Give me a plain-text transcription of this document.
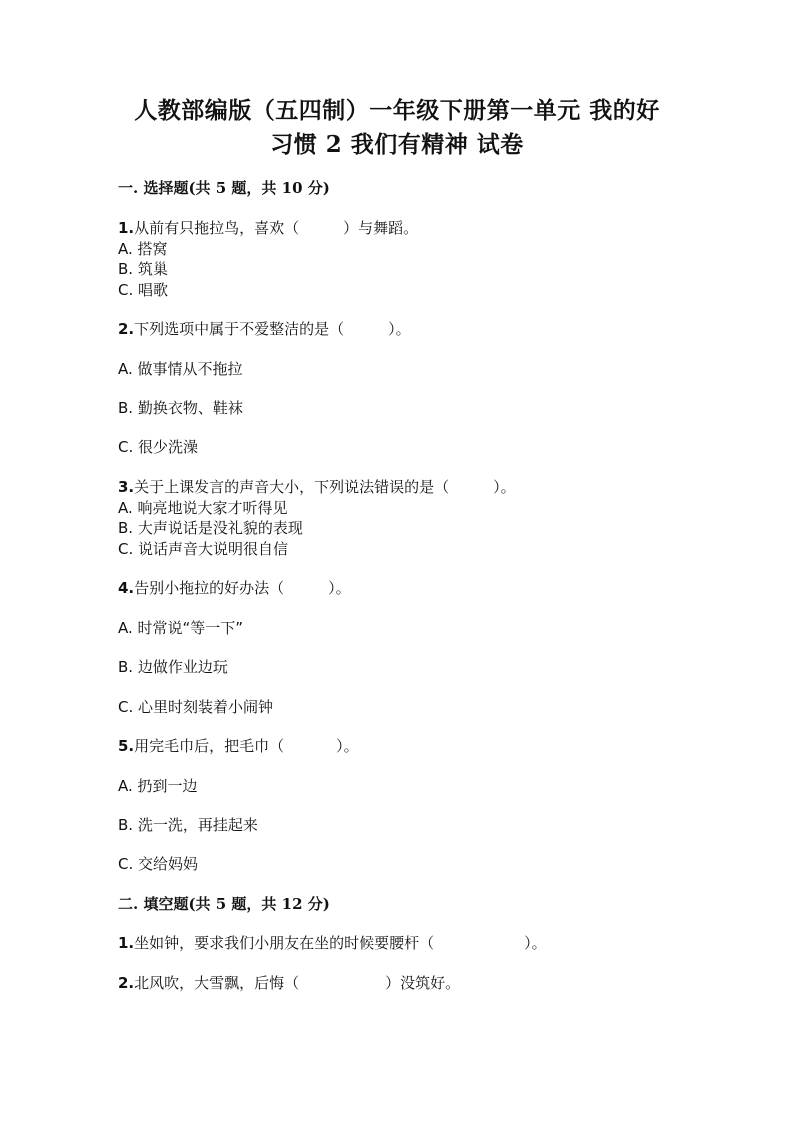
人教部编版（五四制）一年级下册第一单元 我的好
习惯 2 我们有精神 试卷
一. 选择题(共 5 题，共 10 分)
1.从前有只拖拉鸟，喜欢（	）与舞蹈。
A. 搭窝
B. 筑巢
C. 唱歌
2.下列选项中属于不爱整洁的是（	）。
A. 做事情从不拖拉
B. 勤换衣物、鞋袜
C. 很少洗澡
3.关于上课发言的声音大小，下列说法错误的是（	）。
A. 响亮地说大家才听得见
B. 大声说话是没礼貌的表现
C. 说话声音大说明很自信
4.告别小拖拉的好办法（	）。
A. 时常说“等一下”
B. 边做作业边玩
C. 心里时刻装着小闹钟
5.用完毛巾后，把毛巾（	）。
A. 扔到一边
B. 洗一洗，再挂起来
C. 交给妈妈
二. 填空题(共 5 题，共 12 分)
1.坐如钟，要求我们小朋友在坐的时候要腰杆（	）。
2.北风吹，大雪飘，后悔（	）没筑好。
